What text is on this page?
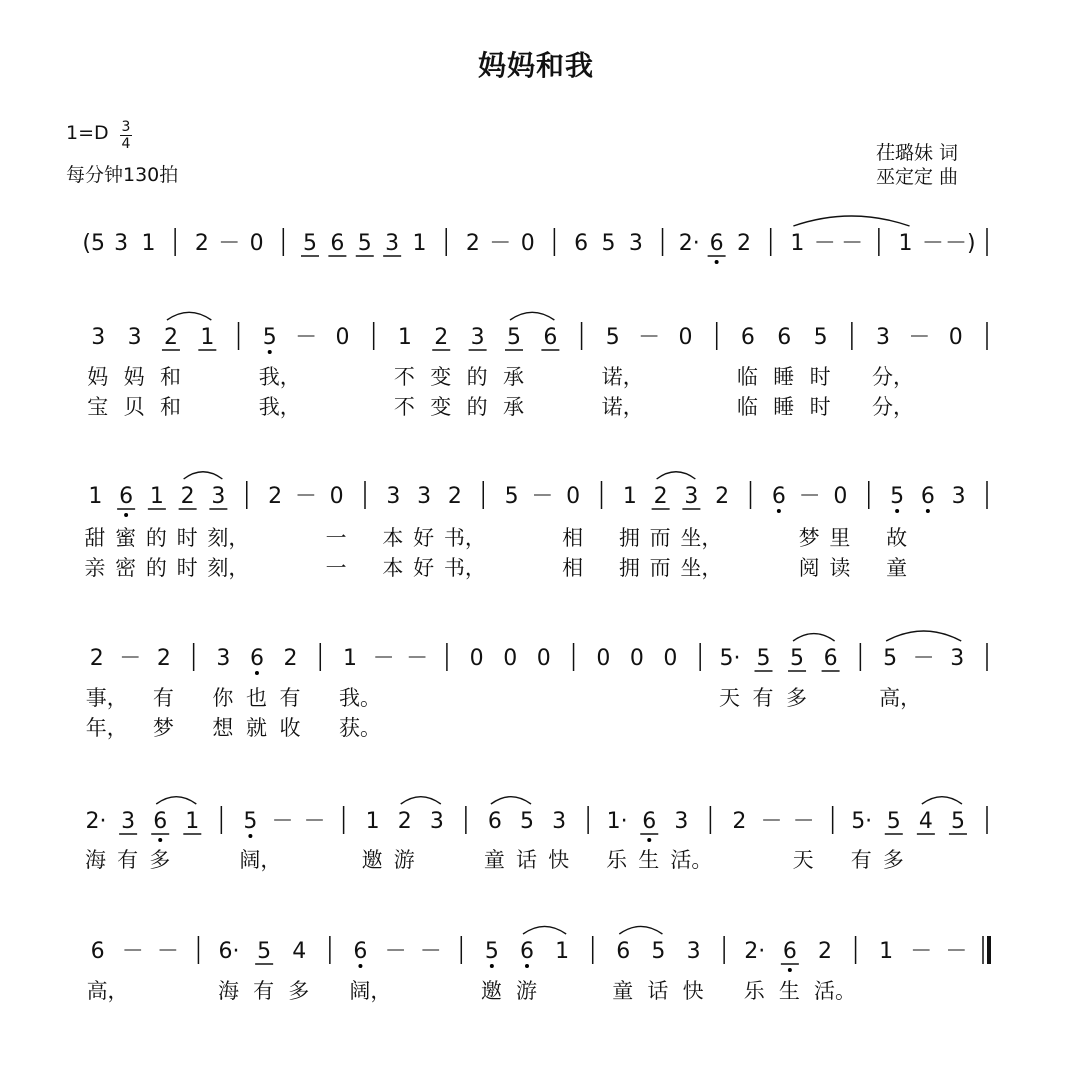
妈妈和我
1=D 3
4
每分钟130拍
茌璐妹 词
巫定定 曲
(5 3 1 2 － 0 5 6 5 3 1 2 － 0 6 5 3 2· 6 2 1 － － 1 － －)
3 3 2 1 5 － 0 1 2 3 5 6 5 － 0 6 6 5 3 － 0
妈 妈 和	我，	不 变 的 承	诺，	临 睡 时 分，
宝 贝 和	我，	不 变 的 承	诺，	临 睡 时 分，
1 6 1 2 3 2 － 0 3 3 2 5 － 0 1 2 3 2 6 － 0 5 6 3
甜 蜜 的 时 刻，	一 本 好 书，	相 拥 而 坐，	梦 里 故
亲 密 的 时 刻，	一 本 好 书，	相 拥 而 坐，	阅 读 童
2 － 2 3 6 2 1 － － 0 0 0 0 0 0 5· 5 5 6 5 － 3
事， 有 你 也 有 我。	天 有 多	高，
年， 梦 想 就 收 获。
2· 3 6 1 5 － － 1 2 3 6 5 3 1· 6 3 2 － － 5· 5 4 5
海 有 多	阔，	邀 游	童 话 快 乐 生 活。	天 有 多
6 － － 6· 5 4 6 － － 5 6 1 6 5 3 2· 6 2 1 － －
高，	海 有 多 阔，	邀 游	童 话 快 乐 生 活。
